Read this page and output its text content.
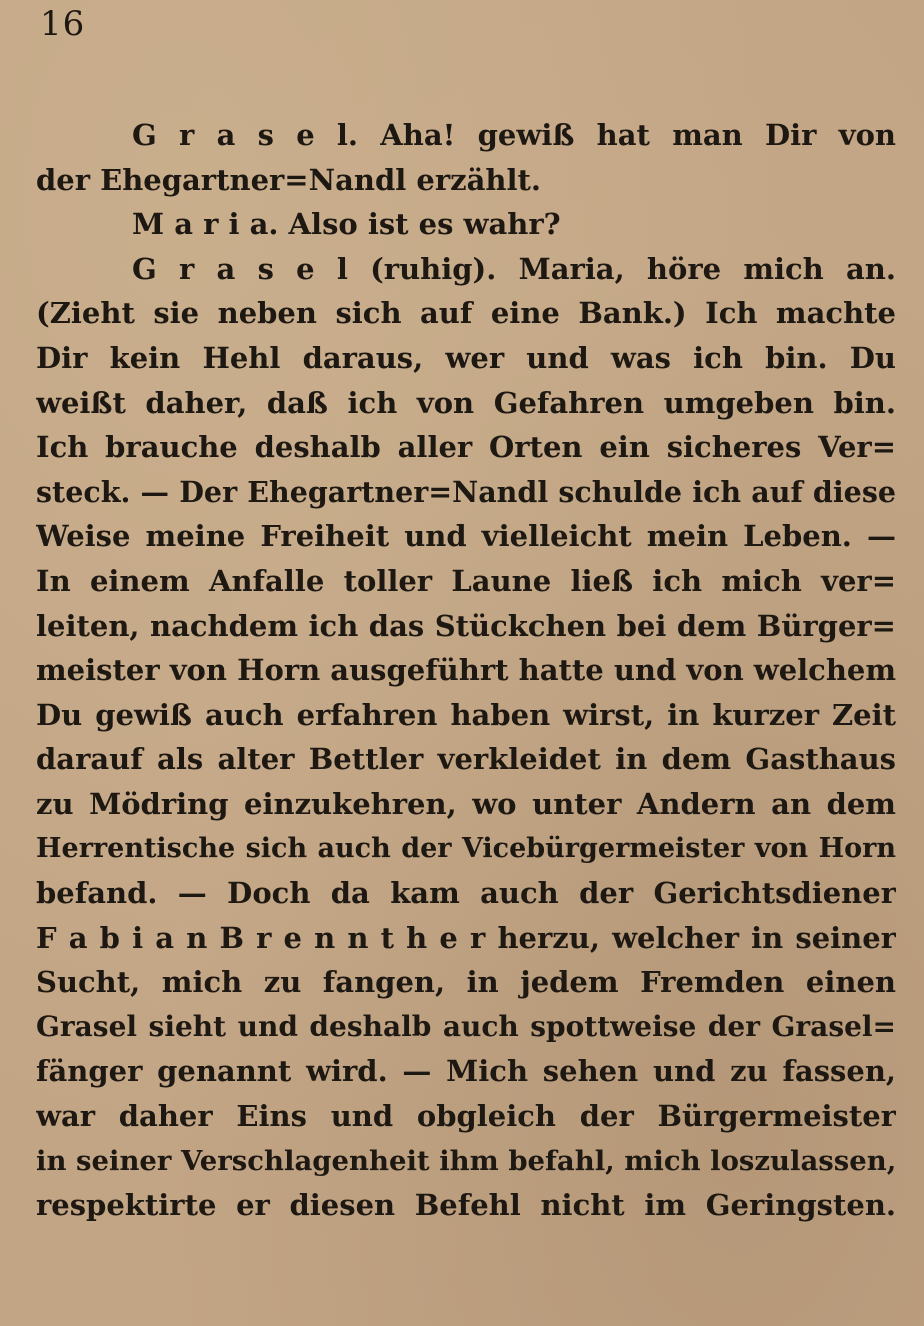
16
G r a s e l. Aha! gewiß hat man Dir von
der Ehegartner=Nandl erzählt.
M a r i a. Also ist es wahr?
G r a s e l (ruhig). Maria, höre mich an.
(Zieht sie neben sich auf eine Bank.) Ich machte
Dir kein Hehl daraus, wer und was ich bin. Du
weißt daher, daß ich von Gefahren umgeben bin.
Ich brauche deshalb aller Orten ein sicheres Ver=
steck. — Der Ehegartner=Nandl schulde ich auf diese
Weise meine Freiheit und vielleicht mein Leben. —
In einem Anfalle toller Laune ließ ich mich ver=
leiten, nachdem ich das Stückchen bei dem Bürger=
meister von Horn ausgeführt hatte und von welchem
Du gewiß auch erfahren haben wirst, in kurzer Zeit
darauf als alter Bettler verkleidet in dem Gasthaus
zu Mödring einzukehren, wo unter Andern an dem
Herrentische sich auch der Vicebürgermeister von Horn
befand. — Doch da kam auch der Gerichtsdiener
F a b i a n B r e n n t h e r herzu, welcher in seiner
Sucht, mich zu fangen, in jedem Fremden einen
Grasel sieht und deshalb auch spottweise der Grasel=
fänger genannt wird. — Mich sehen und zu fassen,
war daher Eins und obgleich der Bürgermeister
in seiner Verschlagenheit ihm befahl, mich loszulassen,
respektirte er diesen Befehl nicht im Geringsten.
